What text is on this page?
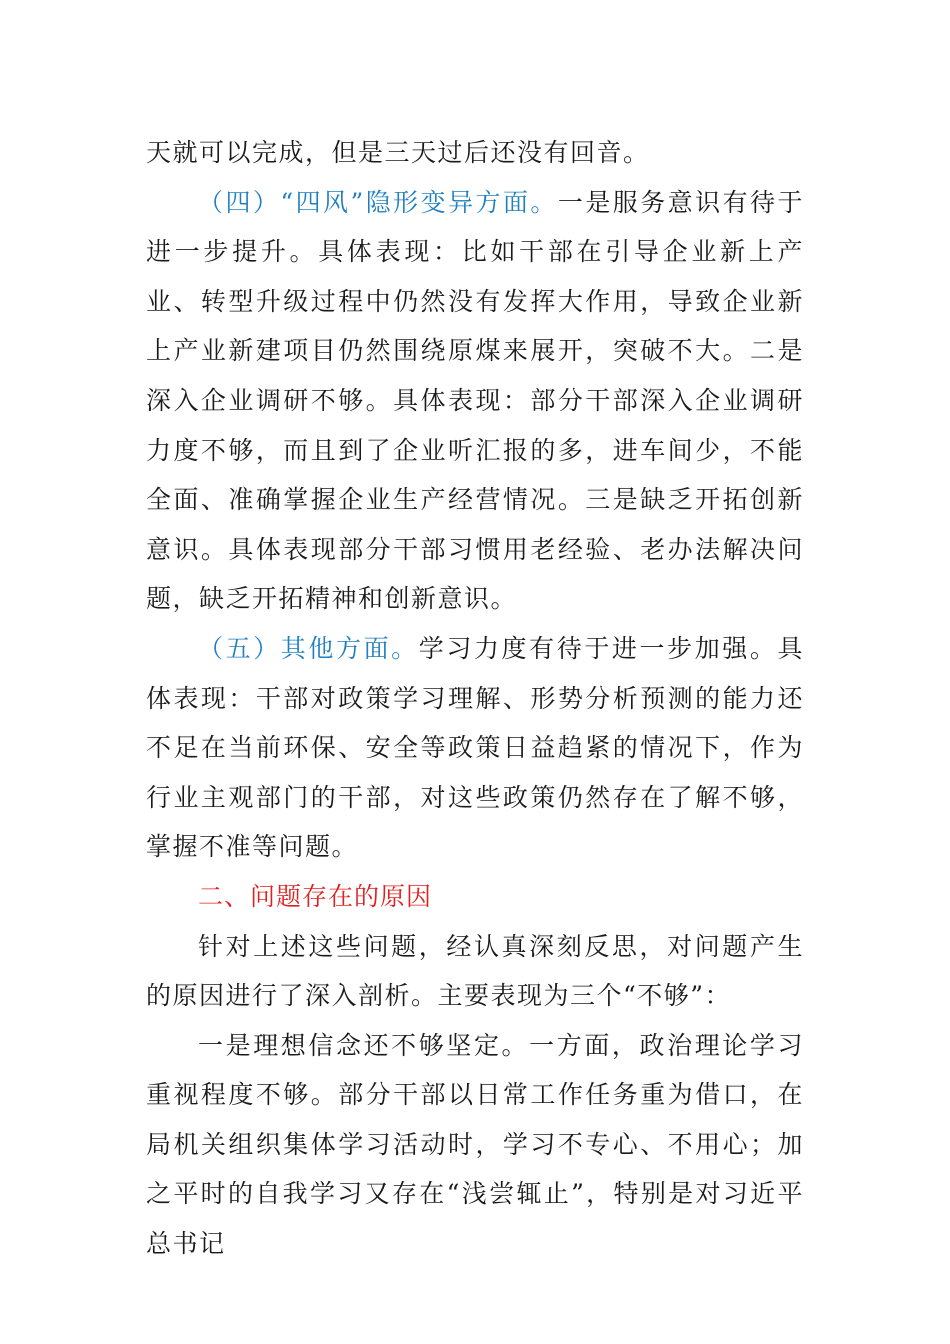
天就可以完成，但是三天过后还没有回音。

（四）“四风”隐形变异方面。一是服务意识有待于进一步提升。具体表现：比如干部在引导企业新上产业、转型升级过程中仍然没有发挥大作用，导致企业新上产业新建项目仍然围绕原煤来展开，突破不大。二是深入企业调研不够。具体表现：部分干部深入企业调研力度不够，而且到了企业听汇报的多，进车间少，不能全面、准确掌握企业生产经营情况。三是缺乏开拓创新意识。具体表现部分干部习惯用老经验、老办法解决问题，缺乏开拓精神和创新意识。

（五）其他方面。学习力度有待于进一步加强。具体表现：干部对政策学习理解、形势分析预测的能力还不足在当前环保、安全等政策日益趋紧的情况下，作为行业主观部门的干部，对这些政策仍然存在了解不够，掌握不准等问题。

二、问题存在的原因

针对上述这些问题，经认真深刻反思，对问题产生的原因进行了深入剖析。主要表现为三个“不够”：

一是理想信念还不够坚定。一方面，政治理论学习重视程度不够。部分干部以日常工作任务重为借口，在局机关组织集体学习活动时，学习不专心、不用心；加之平时的自我学习又存在“浅尝辄止”，特别是对习近平总书记
